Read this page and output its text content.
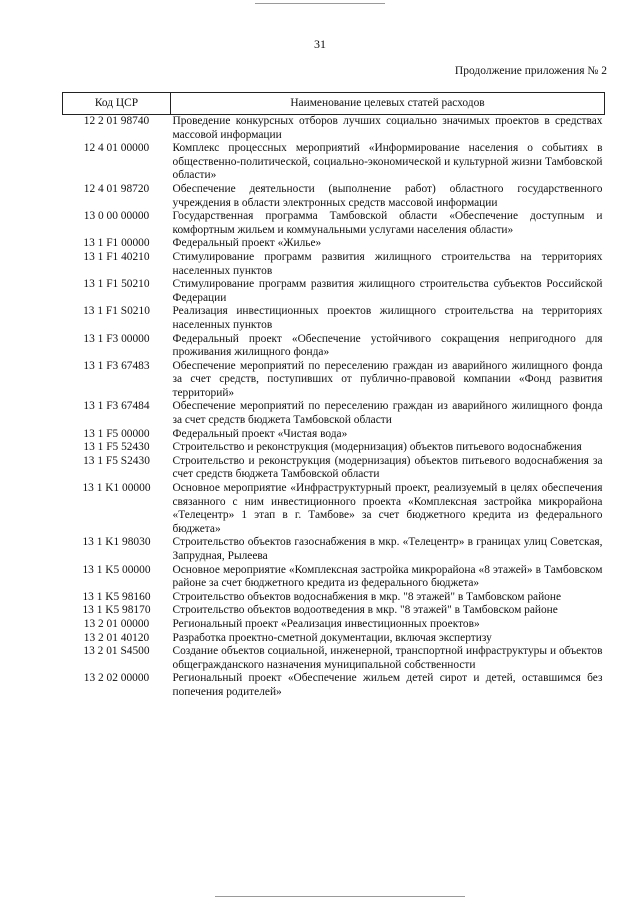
31
Продолжение приложения № 2
Код ЦСР	Наименование целевых статей расходов
12 2 01 98740	Проведение конкурсных отборов лучших социально значимых проектов в средствах массовой информации
12 4 01 00000	Комплекс процессных мероприятий «Информирование населения о событиях в общественно-политической, социально-экономической и культурной жизни Тамбовской области»
12 4 01 98720	Обеспечение деятельности (выполнение работ) областного государственного учреждения в области электронных средств массовой информации
13 0 00 00000	Государственная программа Тамбовской области «Обеспечение доступным и комфортным жильем и коммунальными услугами населения области»
13 1 F1 00000	Федеральный проект «Жилье»
13 1 F1 40210	Стимулирование программ развития жилищного строительства на территориях населенных пунктов
13 1 F1 50210	Стимулирование программ развития жилищного строительства субъектов Российской Федерации
13 1 F1 S0210	Реализация инвестиционных проектов жилищного строительства на территориях населенных пунктов
13 1 F3 00000	Федеральный проект «Обеспечение устойчивого сокращения непригодного для проживания жилищного фонда»
13 1 F3 67483	Обеспечение мероприятий по переселению граждан из аварийного жилищного фонда за счет средств, поступивших от публично-правовой компании «Фонд развития территорий»
13 1 F3 67484	Обеспечение мероприятий по переселению граждан из аварийного жилищного фонда за счет средств бюджета Тамбовской области
13 1 F5 00000	Федеральный проект «Чистая вода»
13 1 F5 52430	Строительство и реконструкция (модернизация) объектов питьевого водоснабжения
13 1 F5 S2430	Строительство и реконструкция (модернизация) объектов питьевого водоснабжения за счет средств бюджета Тамбовской области
13 1 K1 00000	Основное мероприятие «Инфраструктурный проект, реализуемый в целях обеспечения связанного с ним инвестиционного проекта «Комплексная застройка микрорайона «Телецентр» 1 этап в г. Тамбове» за счет бюджетного кредита из федерального бюджета»
13 1 K1 98030	Строительство объектов газоснабжения в мкр. «Телецентр» в границах улиц Советская, Запрудная, Рылеева
13 1 K5 00000	Основное мероприятие «Комплексная застройка микрорайона «8 этажей» в Тамбовском районе за счет бюджетного кредита из федерального бюджета»
13 1 K5 98160	Строительство объектов водоснабжения в мкр. "8 этажей" в Тамбовском районе
13 1 K5 98170	Строительство объектов водоотведения в мкр. "8 этажей" в Тамбовском районе
13 2 01 00000	Региональный проект «Реализация инвестиционных проектов»
13 2 01 40120	Разработка проектно-сметной документации, включая экспертизу
13 2 01 S4500	Создание объектов социальной, инженерной, транспортной инфраструктуры и объектов общегражданского назначения муниципальной собственности
13 2 02 00000	Региональный проект «Обеспечение жильем детей сирот и детей, оставшимся без попечения родителей»
